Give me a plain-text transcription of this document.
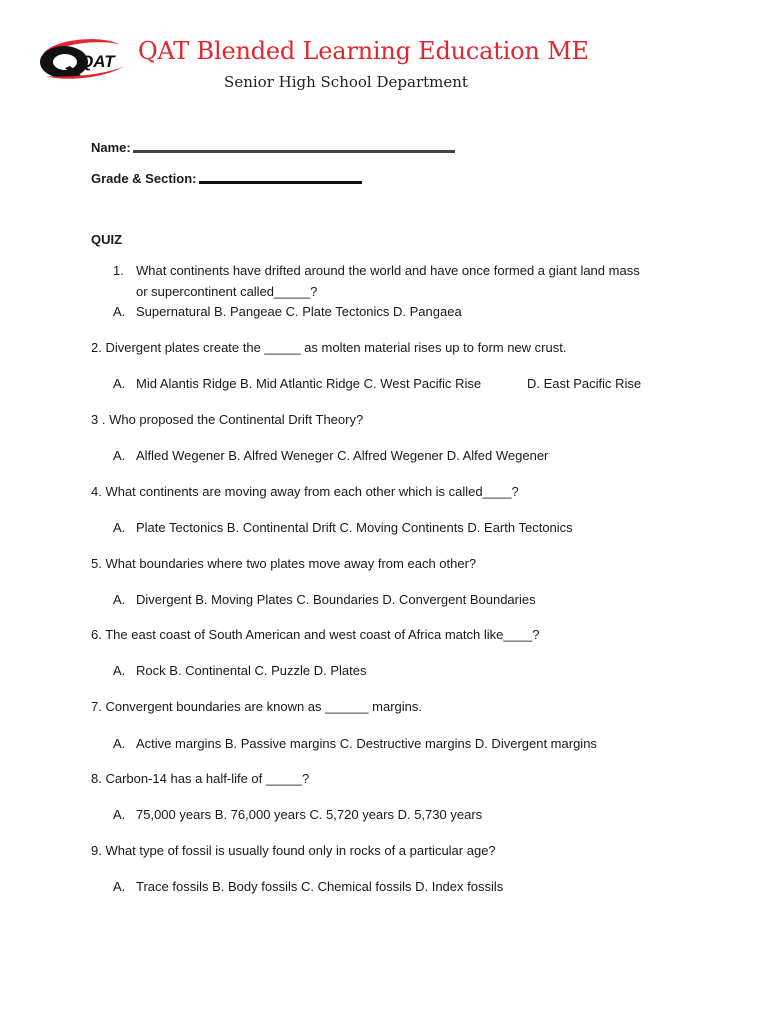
QAT QAT Blended Learning Education ME
Senior High School Department
Name:
Grade & Section:
QUIZ
1. What continents have drifted around the world and have once formed a giant land mass
or supercontinent called_____?
A. Supernatural B. Pangeae C. Plate Tectonics D. Pangaea
2. Divergent plates create the _____ as molten material rises up to form new crust.
A. Mid Alantis Ridge B. Mid Atlantic Ridge C. West Pacific Rise	D. East Pacific Rise
3 . Who proposed the Continental Drift Theory?
A. Alfled Wegener B. Alfred Weneger C. Alfred Wegener D. Alfed Wegener
4. What continents are moving away from each other which is called____?
A. Plate Tectonics B. Continental Drift C. Moving Continents D. Earth Tectonics
5. What boundaries where two plates move away from each other?
A. Divergent B. Moving Plates C. Boundaries D. Convergent Boundaries
6. The east coast of South American and west coast of Africa match like____?
A. Rock B. Continental C. Puzzle D. Plates
7. Convergent boundaries are known as ______ margins.
A. Active margins B. Passive margins C. Destructive margins D. Divergent margins
8. Carbon-14 has a half-life of _____?
A. 75,000 years B. 76,000 years C. 5,720 years D. 5,730 years
9. What type of fossil is usually found only in rocks of a particular age?
A. Trace fossils B. Body fossils C. Chemical fossils D. Index fossils
